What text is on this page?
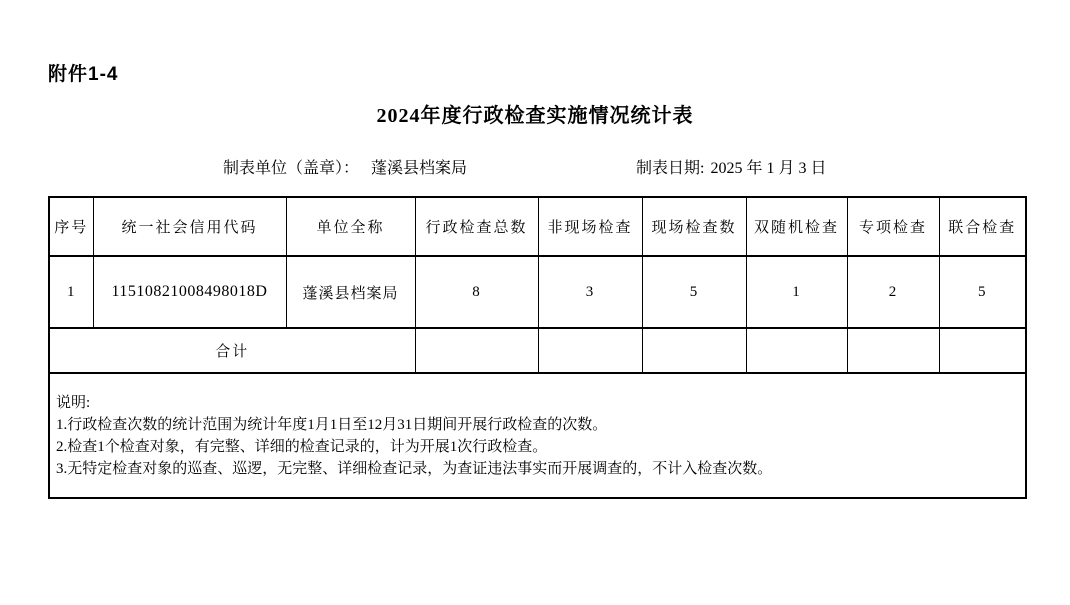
附件1-4
2024年度行政检查实施情况统计表
制表单位（盖章）： 蓬溪县档案局	制表日期: 2025 年 1 月 3 日
序号	统一社会信用代码	单位全称	行政检查总数	非现场检查	现场检查数	双随机检查	专项检查	联合检查
1	11510821008498018D	蓬溪县档案局	8	3	5	1	2	5
合计								

说明:
1.行政检查次数的统计范围为统计年度1月1日至12月31日期间开展行政检查的次数。
2.检查1个检查对象，有完整、详细的检查记录的，计为开展1次行政检查。
3.无特定检查对象的巡查、巡逻，无完整、详细检查记录，为查证违法事实而开展调查的，不计入检查次数。								
